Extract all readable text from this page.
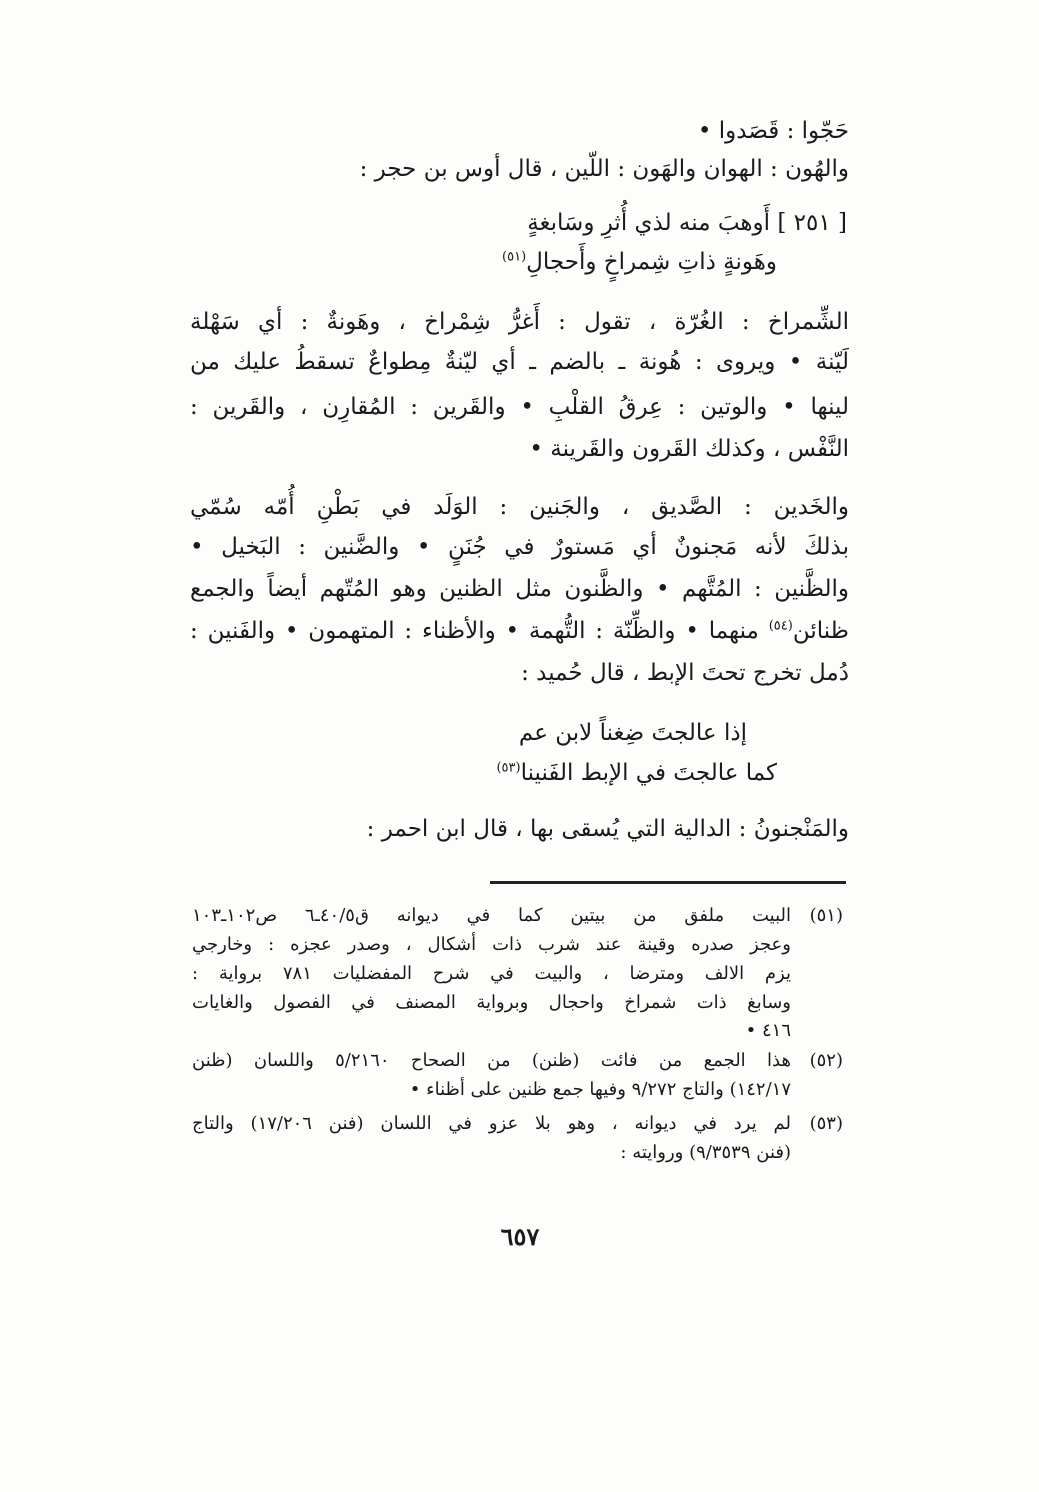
حَجّوا : قَصَدوا •
والهُون : الهوان والهَون : اللّين ، قال أوس بن حجر :
[ ٢٥١ ] أَوهبَ منه لذي أُثرِ وسَابغةٍ
وهَونةٍ ذاتِ شِمراخٍ وأَحجالِ$^{(٥١)}$
الشِّمراخ : الغُرّة ، تقول : أَغرُّ شِمْراخ ، وهَونةٌ : أي سَهْلة
لَيّنة • ويروى : هُونة ـ بالضم ـ أي ليّنةٌ مِطواعٌ تسقطُ عليك من
لينها • والوتين : عِرقُ القلْبِ • والقَرين : المُقارِن ، والقَرين :
النَّفْس ، وكذلك القَرون والقَرينة •
والخَدين : الصَّديق ، والجَنين : الوَلَد في بَطْنِ أُمّه سُمّي
بذلكَ لأنه مَجنونٌ أي مَستورٌ في جُنَنٍ • والضَّنين : البَخيل •
والظَّنين : المُتَّهم • والظَّنون مثل الظنين وهو المُتّهم أيضاً والجمع
ظنائن$^{(٥٤)}$ منهما • والظِّنّة : التُّهمة • والأظناء : المتهمون • والفَنين :
دُمل تخرج تحتَ الإبط ، قال حُميد :
إذا عالجتَ ضِغناً لابن عم
كما عالجتَ في الإبط الفَنينا$^{(٥٣)}$
والمَنْجنونُ : الدالية التي يُسقى بها ، قال ابن احمر :
(٥١)
البيت ملفق من بيتين كما في ديوانه ق٤٠/٥ـ٦ ص١٠٢ـ١٠٣
وعجز صدره وقينة عند شرب ذات أشكال ، وصدر عجزه : وخارجي
يزم الالف ومترضا ، والبيت في شرح المفضليات ٧٨١ برواية :
وسابغ ذات شمراخ واحجال وبرواية المصنف في الفصول والغايات
٤١٦ •
(٥٢)
هذا الجمع من فائت (ظنن) من الصحاح ٥/٢١٦٠ واللسان (ظنن
١٤٢/١٧) والتاج ٩/٢٧٢ وفيها جمع ظنين على أظناء •
(٥٣)
لم يرد في ديوانه ، وهو بلا عزو في اللسان (فنن ١٧/٢٠٦) والتاج
(فنن ٩/٣٥٣٩) وروايته :
٦٥٧
